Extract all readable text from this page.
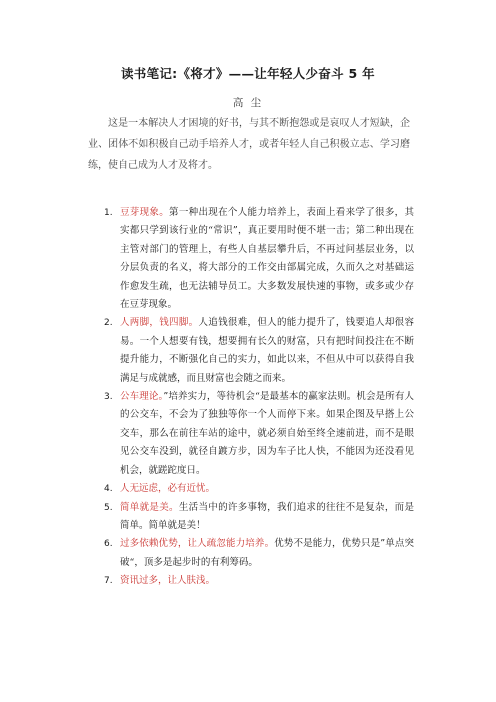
读书笔记:《将才》——让年轻人少奋斗 5 年
高 尘
这是一本解决人才困境的好书，与其不断抱怨或是哀叹人才短缺，企业、团体不如积极自己动手培养人才，或者年轻人自己积极立志、学习磨练，使自己成为人才及将才。
1. 豆芽现象。第一种出现在个人能力培养上，表面上看来学了很多，其实都只学到该行业的“常识”，真正要用时便不堪一击；第二种出现在主管对部门的管理上，有些人自基层攀升后，不再过问基层业务，以分层负责的名义，将大部分的工作交由部属完成，久而久之对基础运作愈发生疏，也无法辅导员工。大多数发展快速的事物，或多或少存在豆芽现象。
2. 人两脚，钱四脚。人追钱很难，但人的能力提升了，钱要追人却很容易。一个人想要有钱，想要拥有长久的财富，只有把时间投注在不断提升能力，不断强化自己的实力，如此以来，不但从中可以获得自我满足与成就感，而且财富也会随之而来。
3. 公车理论。”培养实力，等待机会“是最基本的赢家法则。机会是所有人的公交车，不会为了独独等你一个人而停下来。如果企图及早搭上公交车，那么在前往车站的途中，就必须自始至终全速前进，而不是眼见公交车没到，就径自踱方步，因为车子比人快，不能因为还没看见机会，就蹉跎度日。
4. 人无远虑，必有近忧。
5. 简单就是美。生活当中的许多事物，我们追求的往往不是复杂，而是简单。简单就是美！
6. 过多依赖优势，让人疏忽能力培养。优势不是能力，优势只是”单点突破“，顶多是起步时的有利筹码。
7. 资讯过多，让人肤浅。
